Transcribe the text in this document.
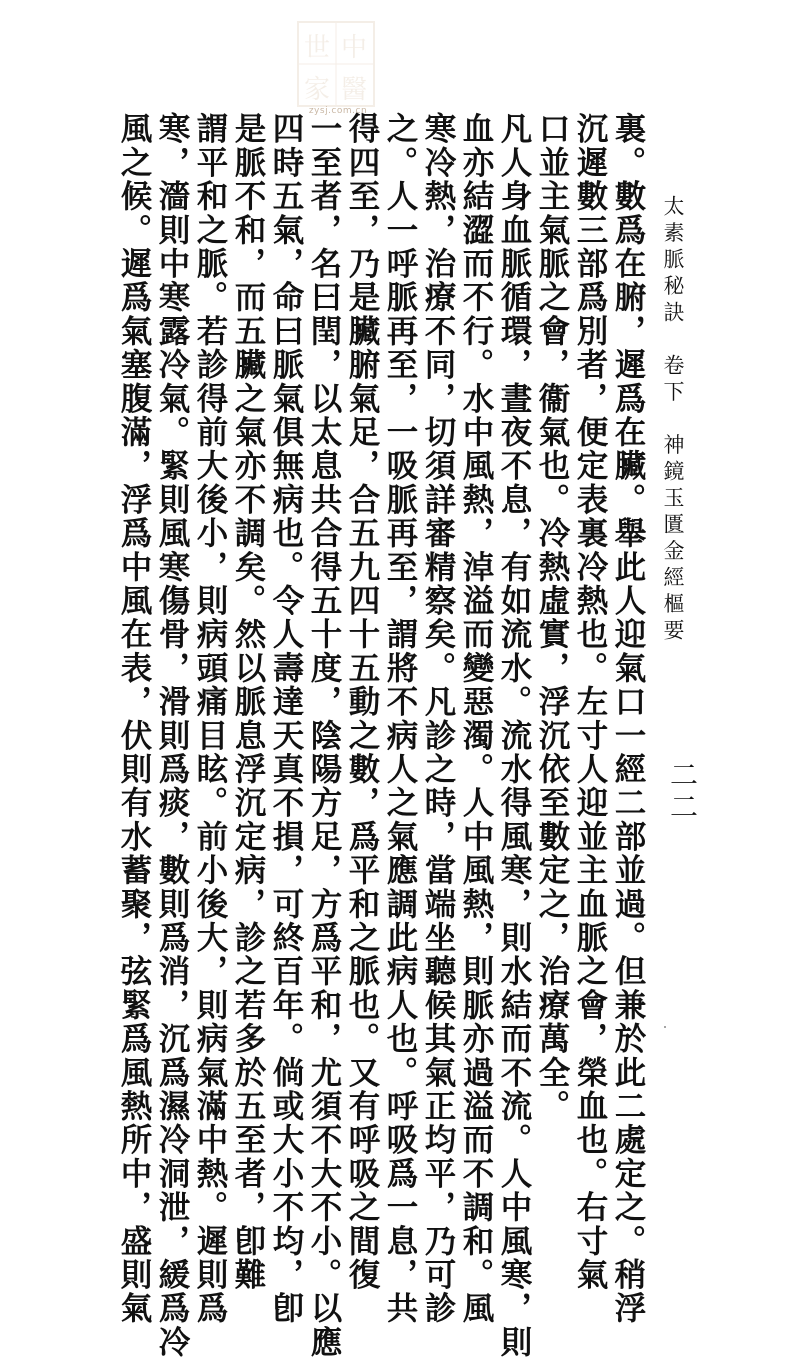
中
醫
世
家
zysj.com.cn
太素脈秘訣　卷下　神鏡玉匱金經樞要
二二
裏。數爲在腑，遲爲在臟。舉此人迎氣口一經二部並過。但兼於此二處定之。稍浮
沉遲數三部爲別者，便定表裏冷熱也。左寸人迎並主血脈之會，榮血也。右寸氣
口並主氣脈之會，衞氣也。冷熱虛實，浮沉依至數定之，治療萬全。
凡人身血脈循環，晝夜不息，有如流水。流水得風寒，則水結而不流。人中風寒，則
血亦結澀而不行。水中風熱，淖溢而變惡濁。人中風熱，則脈亦過溢而不調和。風
寒冷熱，治療不同，切須詳審精察矣。凡診之時，當端坐聽候其氣正均平，乃可診
之。人一呼脈再至，一吸脈再至，謂將不病人之氣應調此病人也。呼吸爲一息，共
得四至，乃是臟腑氣足，合五九四十五動之數，爲平和之脈也。又有呼吸之間復
一至者，名曰閏，以太息共合得五十度，陰陽方足，方爲平和，尤須不大不小。以應
四時五氣，命曰脈氣俱無病也。令人壽達天真不損，可終百年。倘或大小不均，卽
是脈不和，而五臟之氣亦不調矣。然以脈息浮沉定病，診之若多於五至者，卽難
謂平和之脈。若診得前大後小，則病頭痛目眩。前小後大，則病氣滿中熱。遲則爲
寒，濇則中寒露冷氣。緊則風寒傷骨，滑則爲痰，數則爲消，沉爲濕冷洞泄，緩爲冷
風之候。遲爲氣塞腹滿，浮爲中風在表，伏則有水蓄聚，弦緊爲風熱所中，盛則氣
